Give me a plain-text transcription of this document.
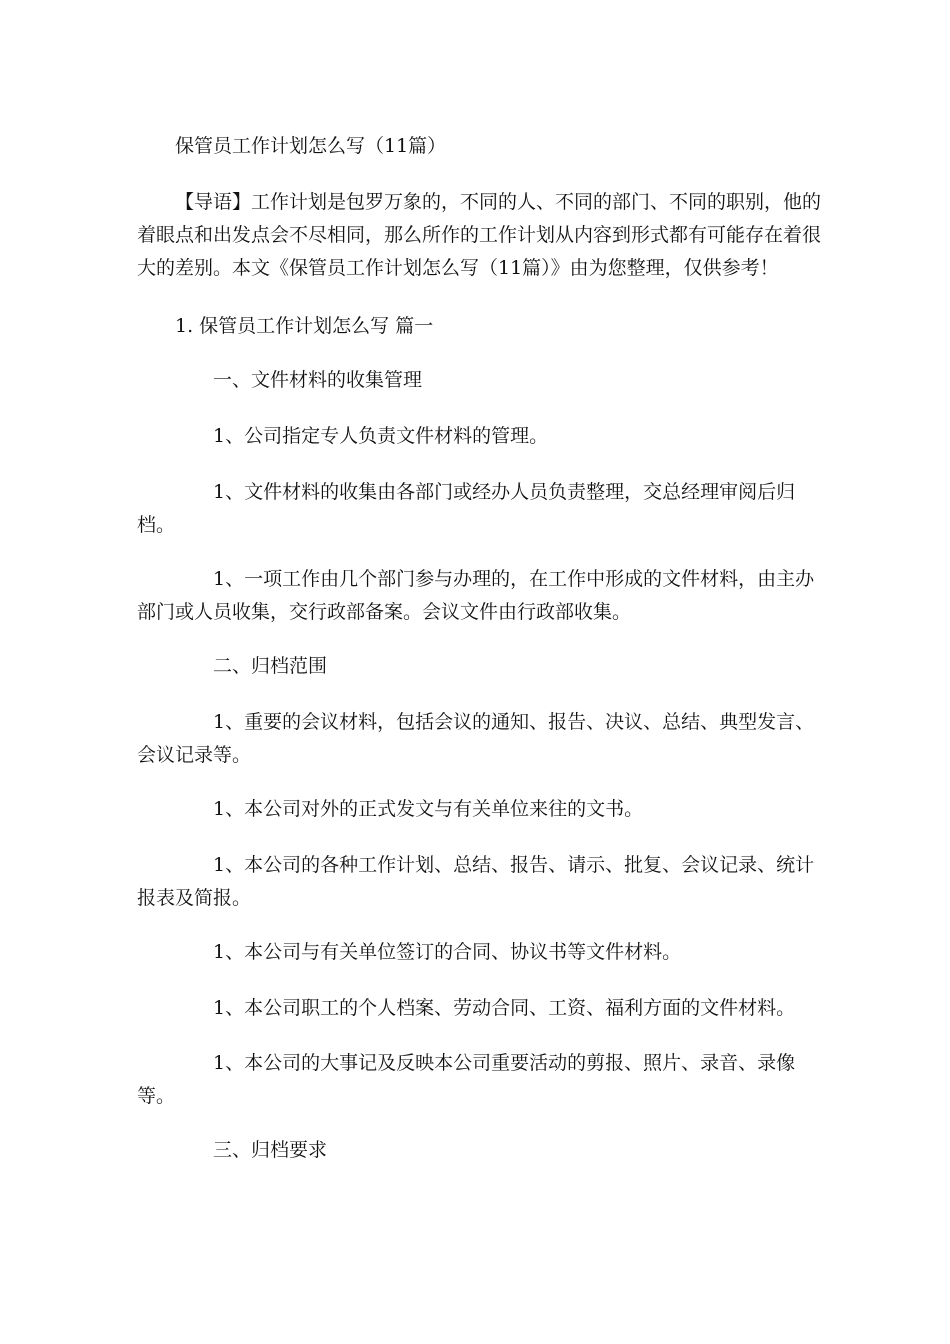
保管员工作计划怎么写（11篇）
【导语】工作计划是包罗万象的，不同的人、不同的部门、不同的职别，他的着眼点和出发点会不尽相同，那么所作的工作计划从内容到形式都有可能存在着很大的差别。本文《保管员工作计划怎么写（11篇）》由为您整理，仅供参考！
1. 保管员工作计划怎么写 篇一
一、文件材料的收集管理
1、公司指定专人负责文件材料的管理。
1、文件材料的收集由各部门或经办人员负责整理，交总经理审阅后归档。
1、一项工作由几个部门参与办理的，在工作中形成的文件材料，由主办部门或人员收集，交行政部备案。会议文件由行政部收集。
二、归档范围
1、重要的会议材料，包括会议的通知、报告、决议、总结、典型发言、会议记录等。
1、本公司对外的正式发文与有关单位来往的文书。
1、本公司的各种工作计划、总结、报告、请示、批复、会议记录、统计报表及简报。
1、本公司与有关单位签订的合同、协议书等文件材料。
1、本公司职工的个人档案、劳动合同、工资、福利方面的文件材料。
1、本公司的大事记及反映本公司重要活动的剪报、照片、录音、录像等。
三、归档要求
